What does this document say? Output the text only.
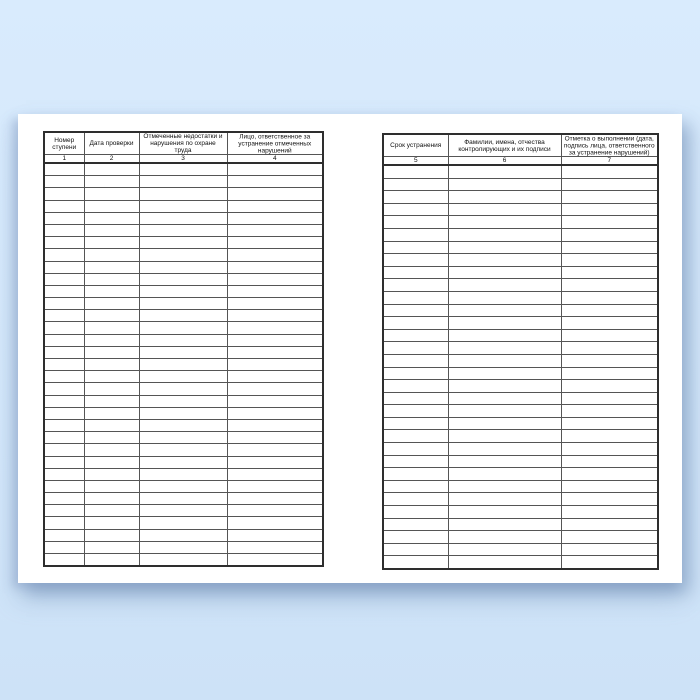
Номер ступени	Дата проверки	Отмеченные недостатки и нарушения по охране труда	Лицо, ответственное за устранение отмеченных нарушений

1	2	3	4

Срок устранения	Фамилии, имена, отчества контролирующих и их подписи	Отметка о выполнении (дата, подпись лица, ответственного за устранение нарушений)

5	6	7
